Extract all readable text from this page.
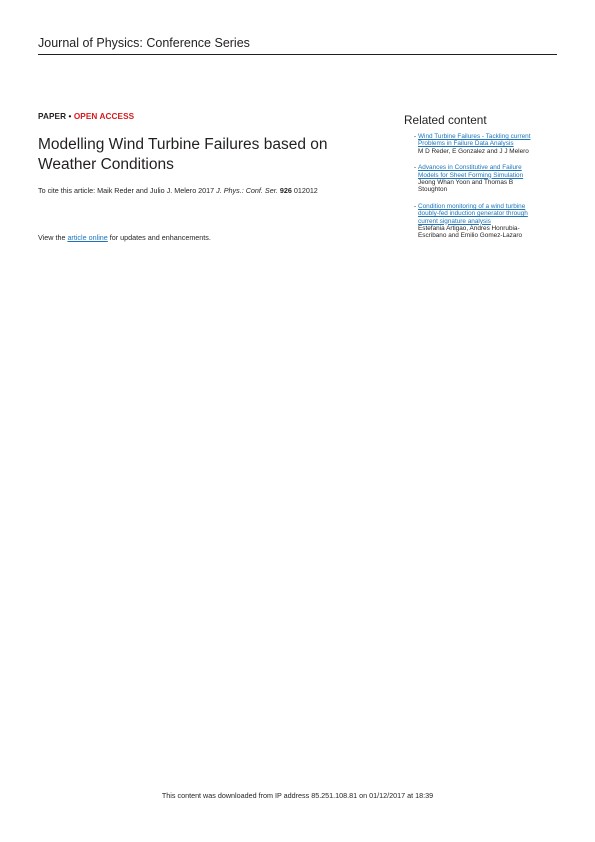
Journal of Physics: Conference Series
PAPER • OPEN ACCESS
Modelling Wind Turbine Failures based on
Weather Conditions
To cite this article: Maik Reder and Julio J. Melero 2017 J. Phys.: Conf. Ser. 926 012012
View the article online for updates and enhancements.
Related content
- Wind Turbine Failures - Tackling current
Problems in Failure Data Analysis
M D Reder, E Gonzalez and J J Melero
- Advances in Constitutive and Failure
Models for Sheet Forming Simulation
Jeong Whan Yoon and Thomas B
Stoughton
- Condition monitoring of a wind turbine
doubly-fed induction generator through
current signature analysis
Estefania Artigao, Andres Honrubia-
Escribano and Emilio Gomez-Lazaro
This content was downloaded from IP address 85.251.108.81 on 01/12/2017 at 18:39
